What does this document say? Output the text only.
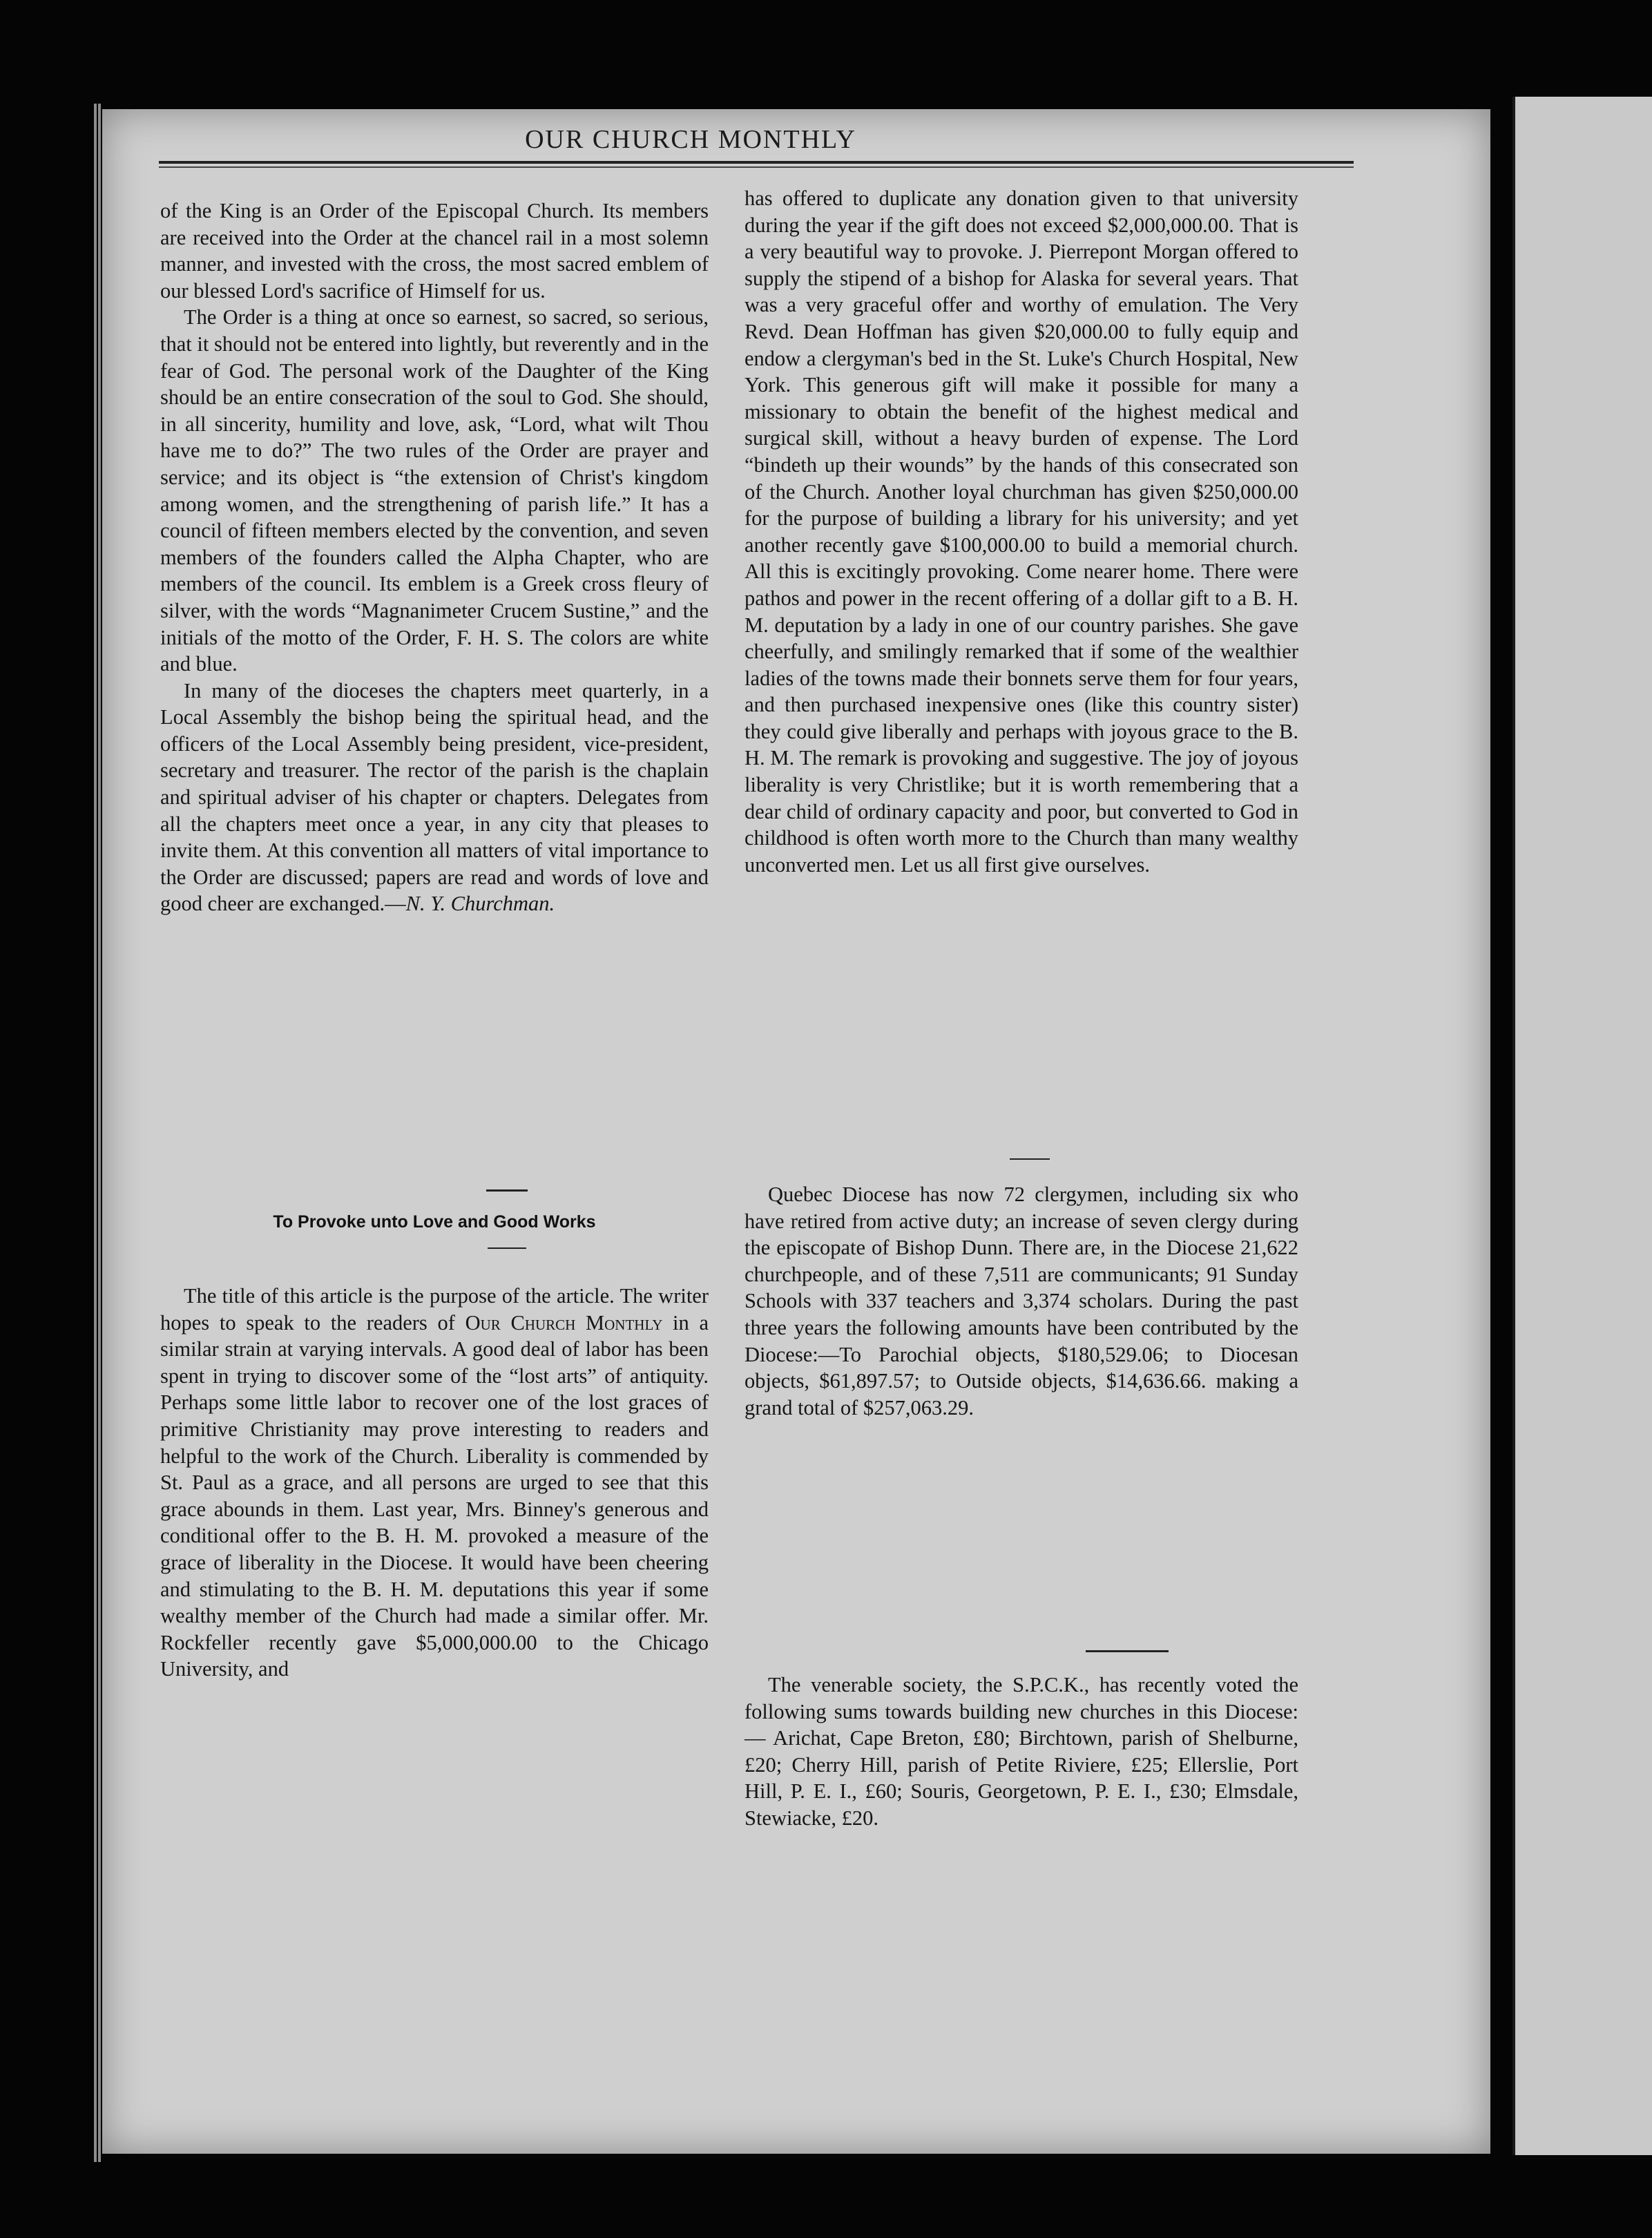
OUR CHURCH MONTHLY

of the King is an Order of the Episcopal Church. Its members are received into the Order at the chancel rail in a most solemn manner, and invested with the cross, the most sacred emblem of our blessed Lord's sacrifice of Himself for us.

The Order is a thing at once so earnest, so sacred, so serious, that it should not be entered into lightly, but reverently and in the fear of God. The personal work of the Daughter of the King should be an entire consecration of the soul to God. She should, in all sincerity, humility and love, ask, “Lord, what wilt Thou have me to do?” The two rules of the Order are prayer and service; and its object is “the extension of Christ's kingdom among women, and the strengthening of parish life.” It has a council of fifteen members elected by the convention, and seven members of the founders called the Alpha Chapter, who are members of the council. Its emblem is a Greek cross fleury of silver, with the words “Magnanimeter Crucem Sustine,” and the initials of the motto of the Order, F. H. S. The colors are white and blue.

In many of the dioceses the chapters meet quarterly, in a Local Assembly the bishop being the spiritual head, and the officers of the Local Assembly being president, vice-president, secretary and treasurer. The rector of the parish is the chaplain and spiritual adviser of his chapter or chapters. Delegates from all the chapters meet once a year, in any city that pleases to invite them. At this convention all matters of vital importance to the Order are discussed; papers are read and words of love and good cheer are exchanged.—N. Y. Churchman.

To Provoke unto Love and Good Works

The title of this article is the purpose of the article. The writer hopes to speak to the readers of Our Church Monthly in a similar strain at varying intervals. A good deal of labor has been spent in trying to discover some of the “lost arts” of antiquity. Perhaps some little labor to recover one of the lost graces of primitive Christianity may prove interesting to readers and helpful to the work of the Church. Liberality is commended by St. Paul as a grace, and all persons are urged to see that this grace abounds in them. Last year, Mrs. Binney's generous and conditional offer to the B. H. M. provoked a measure of the grace of liberality in the Diocese. It would have been cheering and stimulating to the B. H. M. deputations this year if some wealthy member of the Church had made a similar offer. Mr. Rockfeller recently gave $5,000,000.00 to the Chicago University, and

has offered to duplicate any donation given to that university during the year if the gift does not exceed $2,000,000.00. That is a very beautiful way to provoke. J. Pierrepont Morgan offered to supply the stipend of a bishop for Alaska for several years. That was a very graceful offer and worthy of emulation. The Very Revd. Dean Hoffman has given $20,000.00 to fully equip and endow a clergyman's bed in the St. Luke's Church Hospital, New York. This generous gift will make it possible for many a missionary to obtain the benefit of the highest medical and surgical skill, without a heavy burden of expense. The Lord “bindeth up their wounds” by the hands of this consecrated son of the Church. Another loyal churchman has given $250,000.00 for the purpose of building a library for his university; and yet another recently gave $100,000.00 to build a memorial church. All this is excitingly provoking. Come nearer home. There were pathos and power in the recent offering of a dollar gift to a B. H. M. deputation by a lady in one of our country parishes. She gave cheerfully, and smilingly remarked that if some of the wealthier ladies of the towns made their bonnets serve them for four years, and then purchased inexpensive ones (like this country sister) they could give liberally and perhaps with joyous grace to the B. H. M. The remark is provoking and suggestive. The joy of joyous liberality is very Christlike; but it is worth remembering that a dear child of ordinary capacity and poor, but converted to God in childhood is often worth more to the Church than many wealthy unconverted men. Let us all first give ourselves.

Quebec Diocese has now 72 clergymen, including six who have retired from active duty; an increase of seven clergy during the episcopate of Bishop Dunn. There are, in the Diocese 21,622 churchpeople, and of these 7,511 are communicants; 91 Sunday Schools with 337 teachers and 3,374 scholars. During the past three years the following amounts have been contributed by the Diocese:—To Parochial objects, $180,529.06; to Diocesan objects, $61,897.57; to Outside objects, $14,636.66. making a grand total of $257,063.29.

The venerable society, the S.P.C.K., has recently voted the following sums towards building new churches in this Diocese:— Arichat, Cape Breton, £80; Birchtown, parish of Shelburne, £20; Cherry Hill, parish of Petite Riviere, £25; Ellerslie, Port Hill, P. E. I., £60; Souris, Georgetown, P. E. I., £30; Elmsdale, Stewiacke, £20.
